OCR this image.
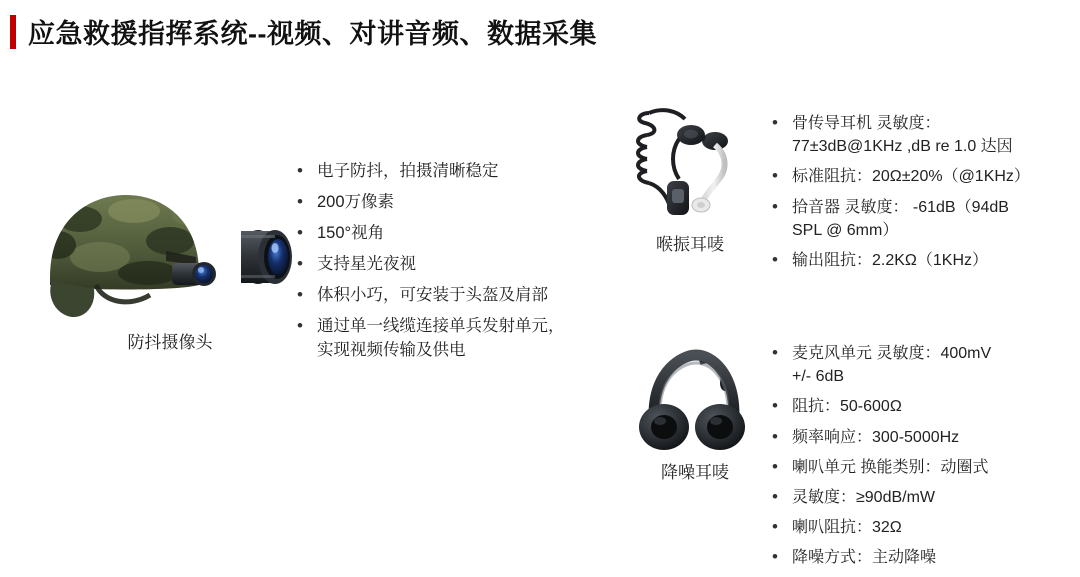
应急救援指挥系统--视频、对讲音频、数据采集
防抖摄像头
• 电子防抖，拍摄清晰稳定
• 200万像素
• 150°视角
• 支持星光夜视
• 体积小巧，可安装于头盔及肩部
• 通过单一线缆连接单兵发射单元，
实现视频传输及供电
喉振耳唛
• 骨传导耳机 灵敏度：
77±3dB@1KHz ,dB re 1.0 达因
• 标准阻抗：20Ω±20%（@1KHz）
• 拾音器 灵敏度： -61dB（94dB
SPL @ 6mm）
• 输出阻抗：2.2KΩ（1KHz）
降噪耳唛
• 麦克风单元 灵敏度：400mV
+/- 6dB
• 阻抗：50-600Ω
• 频率响应：300-5000Hz
• 喇叭单元 换能类别：动圈式
• 灵敏度：≥90dB/mW
• 喇叭阻抗：32Ω
• 降噪方式：主动降噪
